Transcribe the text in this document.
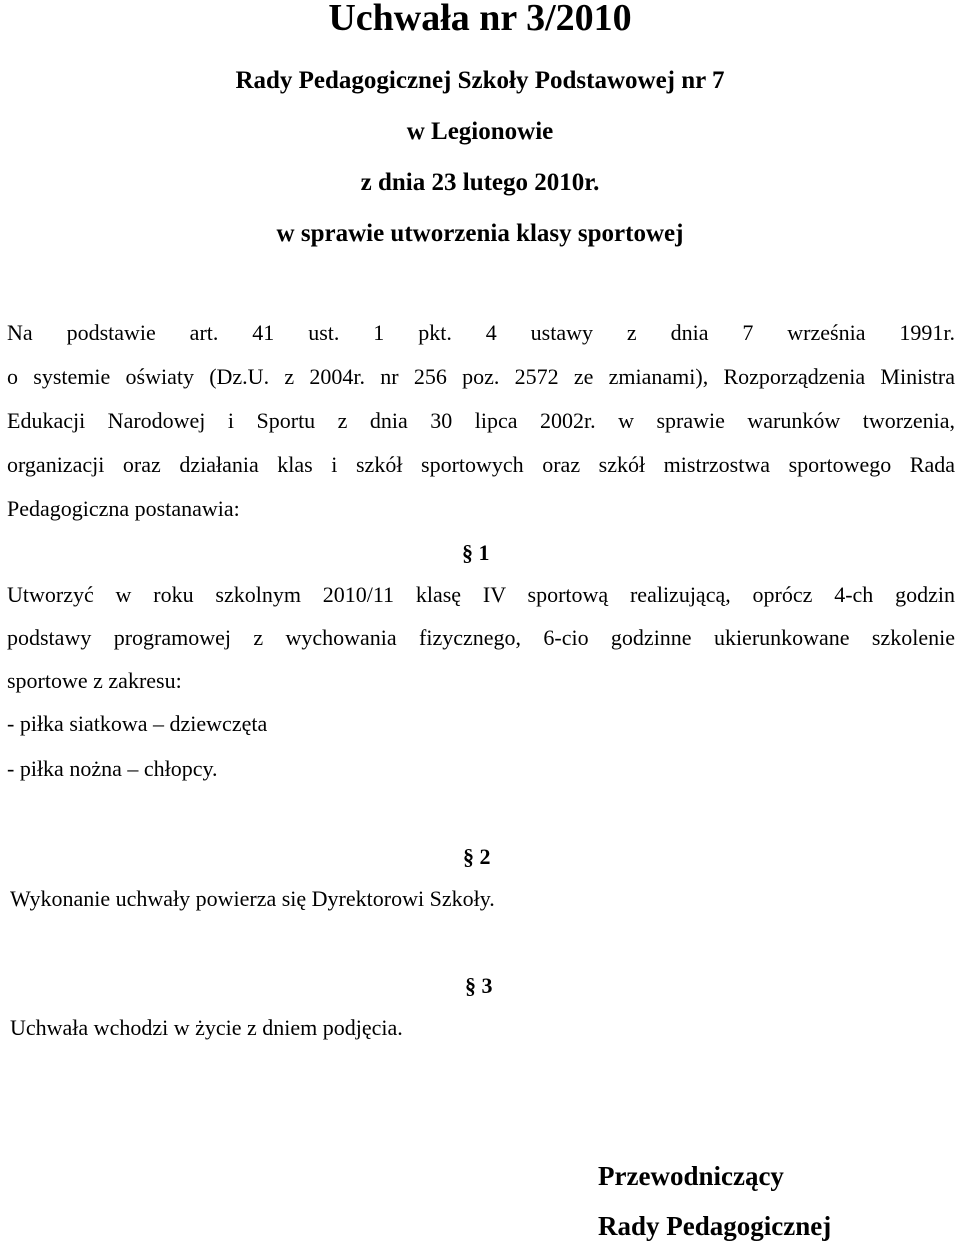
Uchwała nr 3/2010
Rady Pedagogicznej Szkoły Podstawowej nr 7
w Legionowie
z dnia 23 lutego 2010r.
w sprawie utworzenia klasy sportowej
Na podstawie art. 41 ust. 1 pkt. 4 ustawy z dnia 7 września 1991r.
o systemie oświaty (Dz.U. z 2004r. nr 256 poz. 2572 ze zmianami), Rozporządzenia Ministra
Edukacji Narodowej i Sportu z dnia 30 lipca 2002r. w sprawie warunków tworzenia,
organizacji oraz działania klas i szkół sportowych oraz szkół mistrzostwa sportowego Rada
Pedagogiczna postanawia:
§ 1
Utworzyć w roku szkolnym 2010/11 klasę IV sportową realizującą, oprócz 4-ch godzin
podstawy programowej z wychowania fizycznego, 6-cio godzinne ukierunkowane szkolenie
sportowe z zakresu:
- piłka siatkowa – dziewczęta
- piłka nożna – chłopcy.
§ 2
Wykonanie uchwały powierza się Dyrektorowi Szkoły.
§ 3
Uchwała wchodzi w życie z dniem podjęcia.
Przewodniczący
Rady Pedagogicznej
